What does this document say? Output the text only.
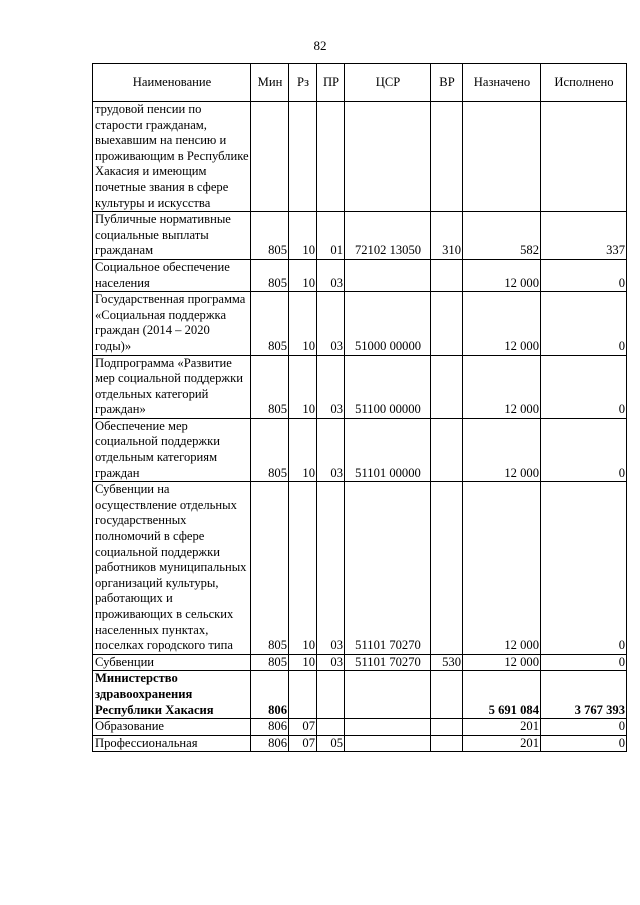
82
Наименование	Мин	Рз	ПР	ЦСР	ВР	Назначено	Исполнено
трудовой пенсии по старости гражданам, выехавшим на пенсию и проживающим в Республике Хакасия и имеющим почетные звания в сфере культуры и искусства							
Публичные нормативные социальные выплаты гражданам	805	10	01	72102 13050	310	582	337
Социальное обеспечение населения	805	10	03			12 000	0
Государственная программа «Социальная поддержка граждан (2014 – 2020 годы)»	805	10	03	51000 00000		12 000	0
Подпрограмма «Развитие мер социальной поддержки отдельных категорий граждан»	805	10	03	51100 00000		12 000	0
Обеспечение мер социальной поддержки отдельным категориям граждан	805	10	03	51101 00000		12 000	0
Субвенции на осуществление отдельных государственных полномочий в сфере социальной поддержки работников муниципальных организаций культуры, работающих и проживающих в сельских населенных пунктах, поселках городского типа	805	10	03	51101 70270		12 000	0
Субвенции	805	10	03	51101 70270	530	12 000	0
Министерство здравоохранения Республики Хакасия	806					5 691 084	3 767 393
Образование	806	07				201	0
Профессиональная	806	07	05			201	0
